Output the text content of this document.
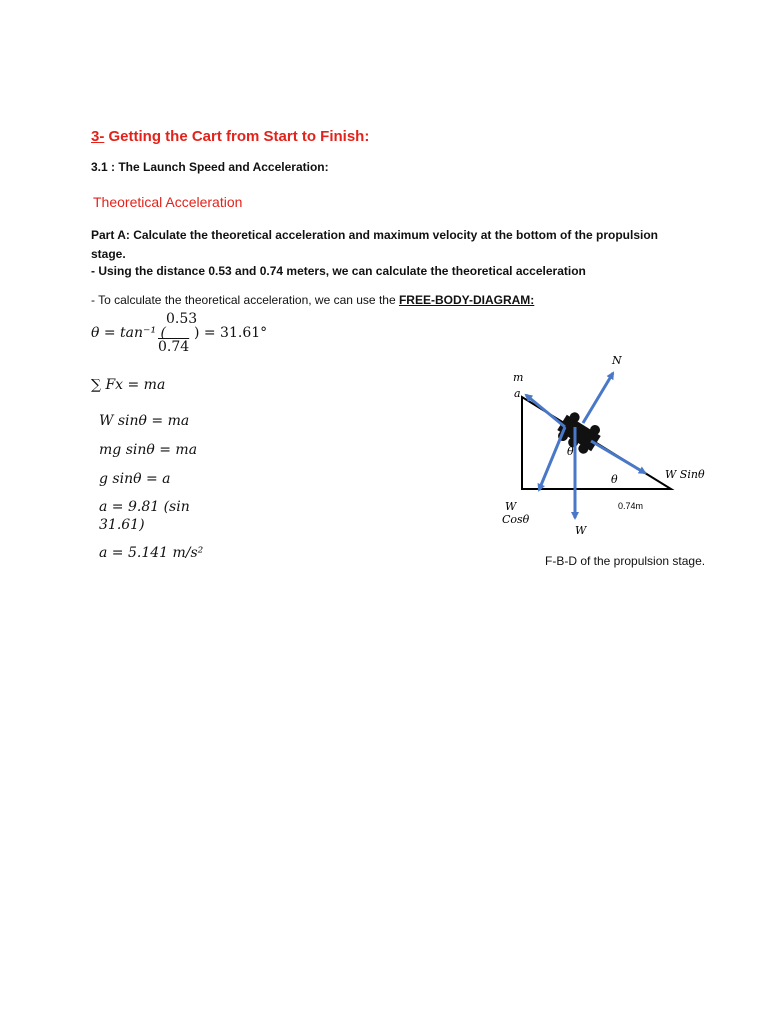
3- Getting the Cart from Start to Finish:
3.1 : The Launch Speed and Acceleration:
Theoretical Acceleration
Part A: Calculate the theoretical acceleration and maximum velocity at the bottom of the propulsion stage.
- Using the distance 0.53 and 0.74 meters, we can calculate the theoretical acceleration
- To calculate the theoretical acceleration, we can use the FREE-BODY-DIAGRAM:
0.53
θ = tan⁻¹ ( ) = 31.61°
0.74
∑ Fx = ma
W sinθ = ma
mg sinθ = ma
g sinθ = a
a = 9.81 (sin
31.61)
a = 5.141 m/s²
N
m
a
θ
θ	W Sinθ
W
Cosθ
W
0.74m
F-B-D of the propulsion stage.
